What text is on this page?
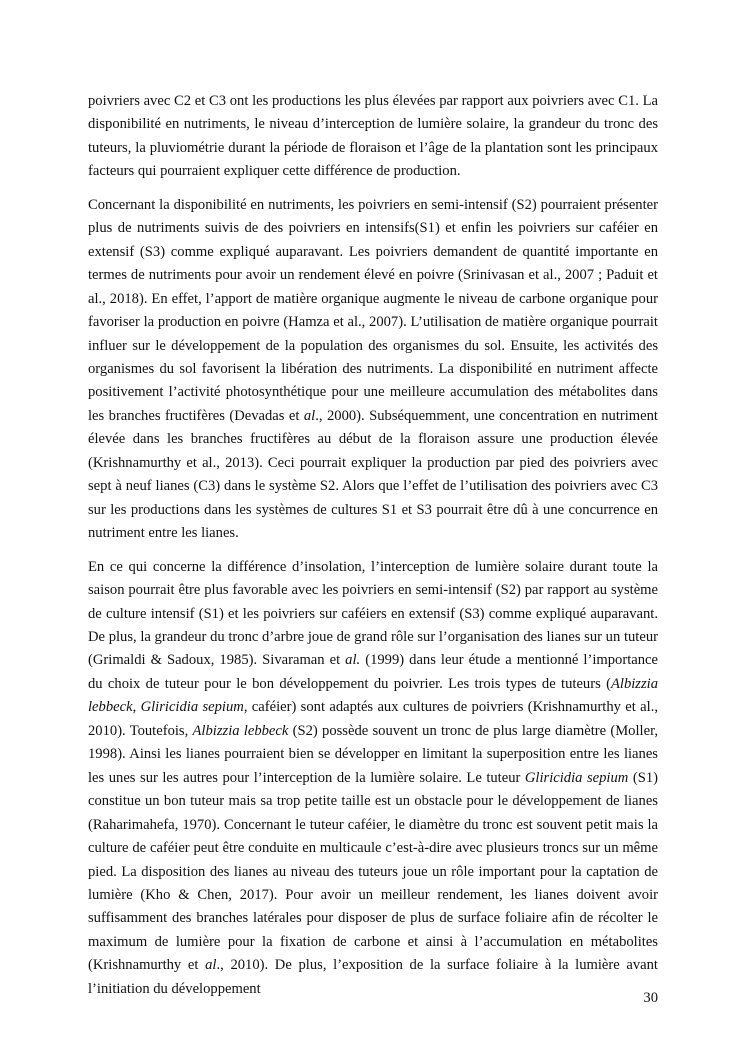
poivriers avec C2 et C3 ont les productions les plus élevées par rapport aux poivriers avec C1. La disponibilité en nutriments, le niveau d’interception de lumière solaire, la grandeur du tronc des tuteurs, la pluviométrie durant la période de floraison et l’âge de la plantation sont les principaux facteurs qui pourraient expliquer cette différence de production.

Concernant la disponibilité en nutriments, les poivriers en semi-intensif (S2) pourraient présenter plus de nutriments suivis de des poivriers en intensifs(S1) et enfin les poivriers sur caféier en extensif (S3) comme expliqué auparavant. Les poivriers demandent de quantité importante en termes de nutriments pour avoir un rendement élevé en poivre (Srinivasan et al., 2007 ; Paduit et al., 2018). En effet, l’apport de matière organique augmente le niveau de carbone organique pour favoriser la production en poivre (Hamza et al., 2007). L’utilisation de matière organique pourrait influer sur le développement de la population des organismes du sol. Ensuite, les activités des organismes du sol favorisent la libération des nutriments. La disponibilité en nutriment affecte positivement l’activité photosynthétique pour une meilleure accumulation des métabolites dans les branches fructifères (Devadas et al., 2000). Subséquemment, une concentration en nutriment élevée dans les branches fructifères au début de la floraison assure une production élevée (Krishnamurthy et al., 2013). Ceci pourrait expliquer la production par pied des poivriers avec sept à neuf lianes (C3) dans le système S2. Alors que l’effet de l’utilisation des poivriers avec C3 sur les productions dans les systèmes de cultures S1 et S3 pourrait être dû à une concurrence en nutriment entre les lianes.

En ce qui concerne la différence d’insolation, l’interception de lumière solaire durant toute la saison pourrait être plus favorable avec les poivriers en semi-intensif (S2) par rapport au système de culture intensif (S1) et les poivriers sur caféiers en extensif (S3) comme expliqué auparavant. De plus, la grandeur du tronc d’arbre joue de grand rôle sur l’organisation des lianes sur un tuteur (Grimaldi & Sadoux, 1985). Sivaraman et al. (1999) dans leur étude a mentionné l’importance du choix de tuteur pour le bon développement du poivrier. Les trois types de tuteurs (Albizzia lebbeck, Gliricidia sepium, caféier) sont adaptés aux cultures de poivriers (Krishnamurthy et al., 2010). Toutefois, Albizzia lebbeck (S2) possède souvent un tronc de plus large diamètre (Moller, 1998). Ainsi les lianes pourraient bien se développer en limitant la superposition entre les lianes les unes sur les autres pour l’interception de la lumière solaire. Le tuteur Gliricidia sepium (S1) constitue un bon tuteur mais sa trop petite taille est un obstacle pour le développement de lianes (Raharimahefa, 1970). Concernant le tuteur caféier, le diamètre du tronc est souvent petit mais la culture de caféier peut être conduite en multicaule c’est-à-dire avec plusieurs troncs sur un même pied. La disposition des lianes au niveau des tuteurs joue un rôle important pour la captation de lumière (Kho & Chen, 2017). Pour avoir un meilleur rendement, les lianes doivent avoir suffisamment des branches latérales pour disposer de plus de surface foliaire afin de récolter le maximum de lumière pour la fixation de carbone et ainsi à l’accumulation en métabolites (Krishnamurthy et al., 2010). De plus, l’exposition de la surface foliaire à la lumière avant l’initiation du développement

30
